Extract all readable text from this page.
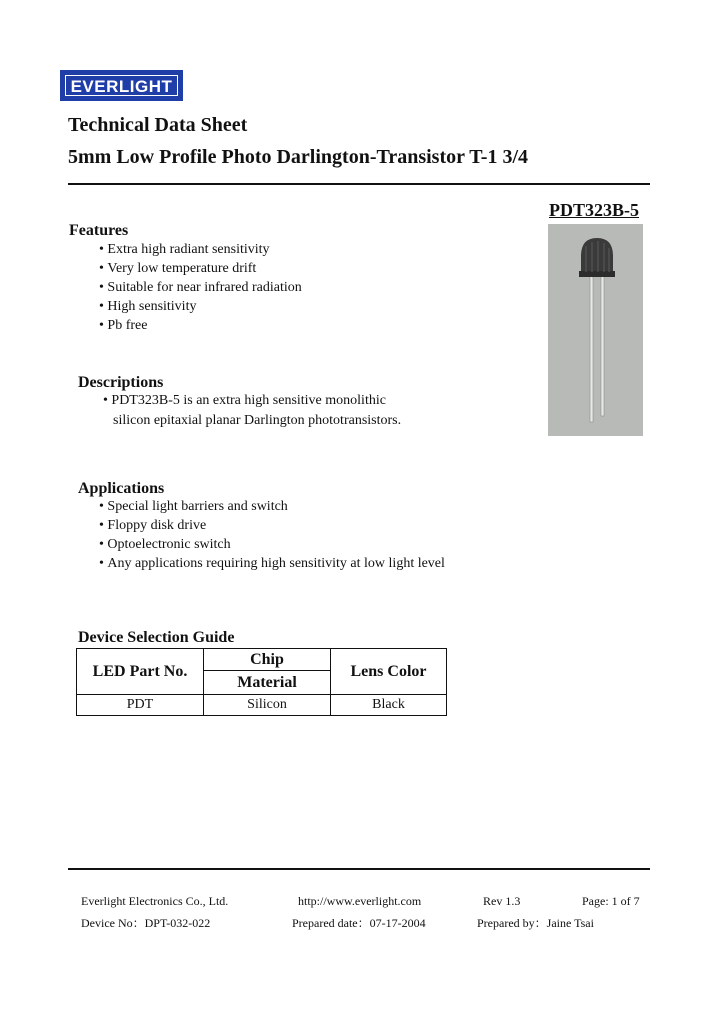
EVERLIGHT
Technical Data Sheet
5mm Low Profile Photo Darlington-Transistor T-1 3/4
PDT323B-5
Features
• Extra high radiant sensitivity
• Very low temperature drift
• Suitable for near infrared radiation
• High sensitivity
• Pb free
Descriptions
• PDT323B-5 is an extra high sensitive monolithic
silicon epitaxial planar Darlington phototransistors.
Applications
• Special light barriers and switch
• Floppy disk drive
• Optoelectronic switch
• Any applications requiring high sensitivity at low light level
Device Selection Guide
LED Part No.	Chip	Lens Color
	Material	
PDT	Silicon	Black
Everlight Electronics Co., Ltd.	http://www.everlight.com	Rev 1.3	Page: 1 of 7
Device No：DPT-032-022	Prepared date：07-17-2004	Prepared by：Jaine Tsai
